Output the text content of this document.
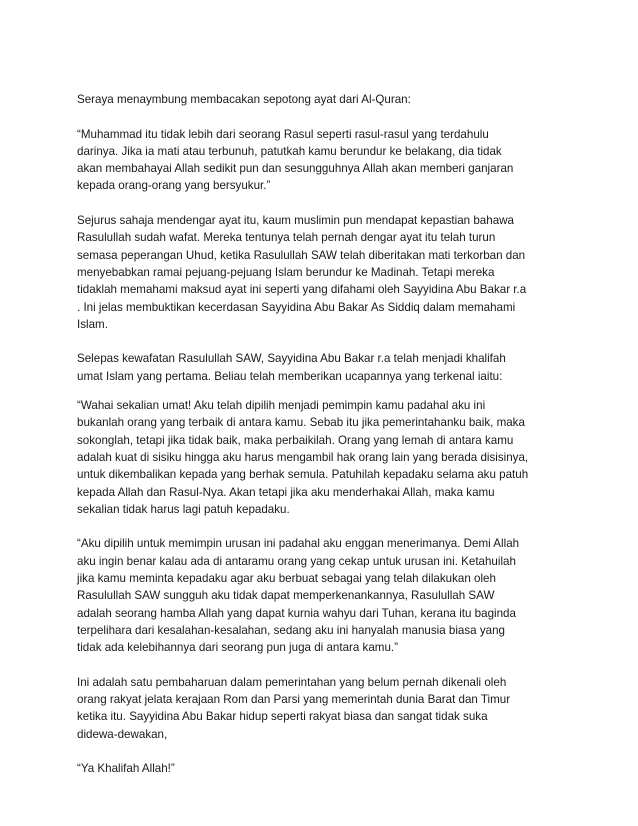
Seraya menaymbung membacakan sepotong ayat dari Al-Quran:

“Muhammad itu tidak lebih dari seorang Rasul seperti rasul-rasul yang terdahulu
darinya. Jika ia mati atau terbunuh, patutkah kamu berundur ke belakang, dia tidak
akan membahayai Allah sedikit pun dan sesungguhnya Allah akan memberi ganjaran
kepada orang-orang yang bersyukur.”

Sejurus sahaja mendengar ayat itu, kaum muslimin pun mendapat kepastian bahawa
Rasulullah sudah wafat. Mereka tentunya telah pernah dengar ayat itu telah turun
semasa peperangan Uhud, ketika Rasulullah SAW telah diberitakan mati terkorban dan
menyebabkan ramai pejuang-pejuang Islam berundur ke Madinah. Tetapi mereka
tidaklah memahami maksud ayat ini seperti yang difahami oleh Sayyidina Abu Bakar r.a
. Ini jelas membuktikan kecerdasan Sayyidina Abu Bakar As Siddiq dalam memahami
Islam.

Selepas kewafatan Rasulullah SAW, Sayyidina Abu Bakar r.a telah menjadi khalifah
umat Islam yang pertama. Beliau telah memberikan ucapannya yang terkenal iaitu:

“Wahai sekalian umat! Aku telah dipilih menjadi pemimpin kamu padahal aku ini
bukanlah orang yang terbaik di antara kamu. Sebab itu jika pemerintahanku baik, maka
sokonglah, tetapi jika tidak baik, maka perbaikilah. Orang yang lemah di antara kamu
adalah kuat di sisiku hingga aku harus mengambil hak orang lain yang berada disisinya,
untuk dikembalikan kepada yang berhak semula. Patuhilah kepadaku selama aku patuh
kepada Allah dan Rasul-Nya. Akan tetapi jika aku menderhakai Allah, maka kamu
sekalian tidak harus lagi patuh kepadaku.

“Aku dipilih untuk memimpin urusan ini padahal aku enggan menerimanya. Demi Allah
aku ingin benar kalau ada di antaramu orang yang cekap untuk urusan ini. Ketahuilah
jika kamu meminta kepadaku agar aku berbuat sebagai yang telah dilakukan oleh
Rasulullah SAW sungguh aku tidak dapat memperkenankannya, Rasulullah SAW
adalah seorang hamba Allah yang dapat kurnia wahyu dari Tuhan, kerana itu baginda
terpelihara dari kesalahan-kesalahan, sedang aku ini hanyalah manusia biasa yang
tidak ada kelebihannya dari seorang pun juga di antara kamu.”

Ini adalah satu pembaharuan dalam pemerintahan yang belum pernah dikenali oleh
orang rakyat jelata kerajaan Rom dan Parsi yang memerintah dunia Barat dan Timur
ketika itu. Sayyidina Abu Bakar hidup seperti rakyat biasa dan sangat tidak suka
didewa-dewakan,

“Ya Khalifah Allah!”
